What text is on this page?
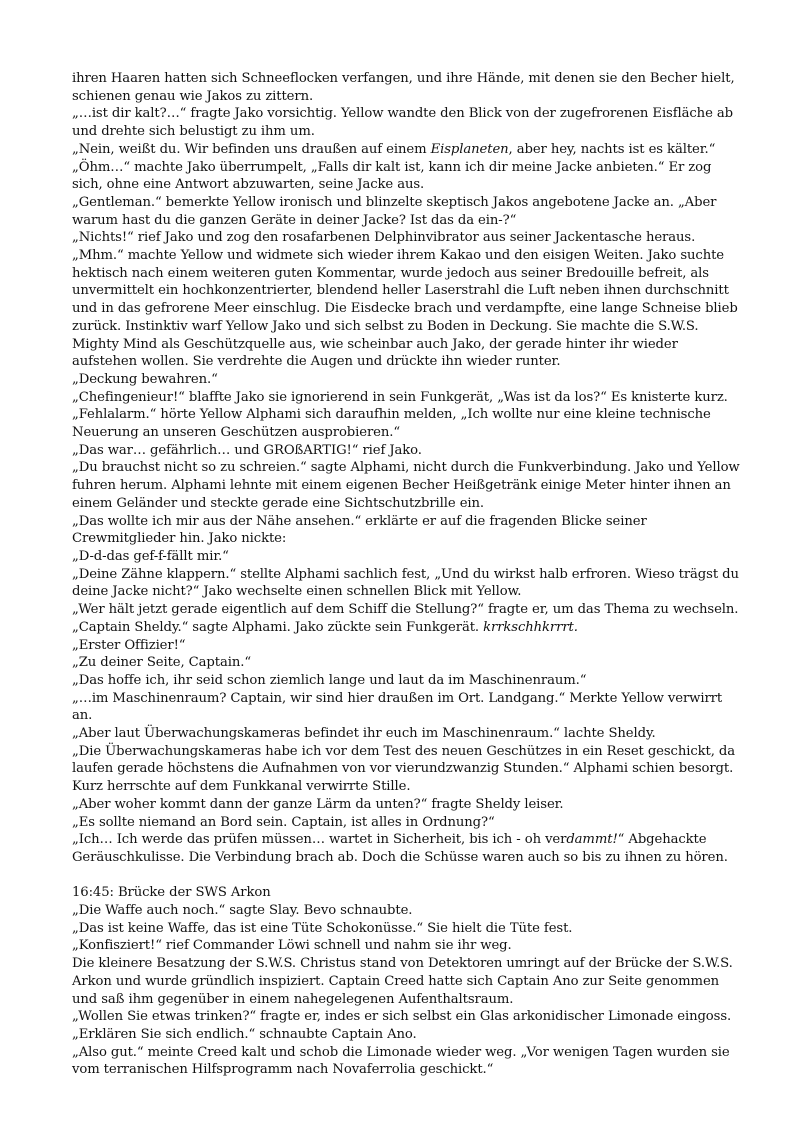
ihren Haaren hatten sich Schneeflocken verfangen, und ihre Hände, mit denen sie den Becher hielt, schienen genau wie Jakos zu zittern.

„…ist dir kalt?…“ fragte Jako vorsichtig. Yellow wandte den Blick von der zugefrorenen Eisfläche ab und drehte sich belustigt zu ihm um.

„Nein, weißt du. Wir befinden uns draußen auf einem Eisplaneten, aber hey, nachts ist es kälter.“

„Öhm…“ machte Jako überrumpelt, „Falls dir kalt ist, kann ich dir meine Jacke anbieten.“ Er zog sich, ohne eine Antwort abzuwarten, seine Jacke aus.

„Gentleman.“ bemerkte Yellow ironisch und blinzelte skeptisch Jakos angebotene Jacke an. „Aber warum hast du die ganzen Geräte in deiner Jacke? Ist das da ein-?“

„Nichts!“ rief Jako und zog den rosafarbenen Delphinvibrator aus seiner Jackentasche heraus.

„Mhm.“ machte Yellow und widmete sich wieder ihrem Kakao und den eisigen Weiten. Jako suchte hektisch nach einem weiteren guten Kommentar, wurde jedoch aus seiner Bredouille befreit, als unvermittelt ein hochkonzentrierter, blendend heller Laserstrahl die Luft neben ihnen durchschnitt und in das gefrorene Meer einschlug. Die Eisdecke brach und verdampfte, eine lange Schneise blieb zurück. Instinktiv warf Yellow Jako und sich selbst zu Boden in Deckung. Sie machte die S.W.S. Mighty Mind als Geschützquelle aus, wie scheinbar auch Jako, der gerade hinter ihr wieder aufstehen wollen. Sie verdrehte die Augen und drückte ihn wieder runter.

„Deckung bewahren.“

„Chefingenieur!“ blaffte Jako sie ignorierend in sein Funkgerät, „Was ist da los?“ Es knisterte kurz.

„Fehlalarm.“ hörte Yellow Alphami sich daraufhin melden, „Ich wollte nur eine kleine technische Neuerung an unseren Geschützen ausprobieren.“

„Das war… gefährlich… und GROßARTIG!“ rief Jako.

„Du brauchst nicht so zu schreien.“ sagte Alphami, nicht durch die Funkverbindung. Jako und Yellow fuhren herum. Alphami lehnte mit einem eigenen Becher Heißgetränk einige Meter hinter ihnen an einem Geländer und steckte gerade eine Sichtschutzbrille ein.

„Das wollte ich mir aus der Nähe ansehen.“ erklärte er auf die fragenden Blicke seiner Crewmitglieder hin. Jako nickte:

„D-d-das gef-f-fällt mir.“

„Deine Zähne klappern.“ stellte Alphami sachlich fest, „Und du wirkst halb erfroren. Wieso trägst du deine Jacke nicht?“ Jako wechselte einen schnellen Blick mit Yellow.

„Wer hält jetzt gerade eigentlich auf dem Schiff die Stellung?“ fragte er, um das Thema zu wechseln.

„Captain Sheldy.“ sagte Alphami. Jako zückte sein Funkgerät. krrkschhkrrrt.

„Erster Offizier!“

„Zu deiner Seite, Captain.“

„Das hoffe ich, ihr seid schon ziemlich lange und laut da im Maschinenraum.“

„…im Maschinenraum? Captain, wir sind hier draußen im Ort. Landgang.“ Merkte Yellow verwirrt an.

„Aber laut Überwachungskameras befindet ihr euch im Maschinenraum.“ lachte Sheldy.

„Die Überwachungskameras habe ich vor dem Test des neuen Geschützes in ein Reset geschickt, da laufen gerade höchstens die Aufnahmen von vor vierundzwanzig Stunden.“ Alphami schien besorgt. Kurz herrschte auf dem Funkkanal verwirrte Stille.

„Aber woher kommt dann der ganze Lärm da unten?“ fragte Sheldy leiser.

„Es sollte niemand an Bord sein. Captain, ist alles in Ordnung?“

„Ich… Ich werde das prüfen müssen… wartet in Sicherheit, bis ich - oh verdammt!“ Abgehackte Geräuschkulisse. Die Verbindung brach ab. Doch die Schüsse waren auch so bis zu ihnen zu hören.

16:45: Brücke der SWS Arkon

„Die Waffe auch noch.“ sagte Slay. Bevo schnaubte.

„Das ist keine Waffe, das ist eine Tüte Schokonüsse.“ Sie hielt die Tüte fest.

„Konfisziert!“ rief Commander Löwi schnell und nahm sie ihr weg.

Die kleinere Besatzung der S.W.S. Christus stand von Detektoren umringt auf der Brücke der S.W.S. Arkon und wurde gründlich inspiziert. Captain Creed hatte sich Captain Ano zur Seite genommen und saß ihm gegenüber in einem nahegelegenen Aufenthaltsraum.

„Wollen Sie etwas trinken?“ fragte er, indes er sich selbst ein Glas arkonidischer Limonade eingoss.

„Erklären Sie sich endlich.“ schnaubte Captain Ano.

„Also gut.“ meinte Creed kalt und schob die Limonade wieder weg. „Vor wenigen Tagen wurden sie vom terranischen Hilfsprogramm nach Novaferrolia geschickt.“
